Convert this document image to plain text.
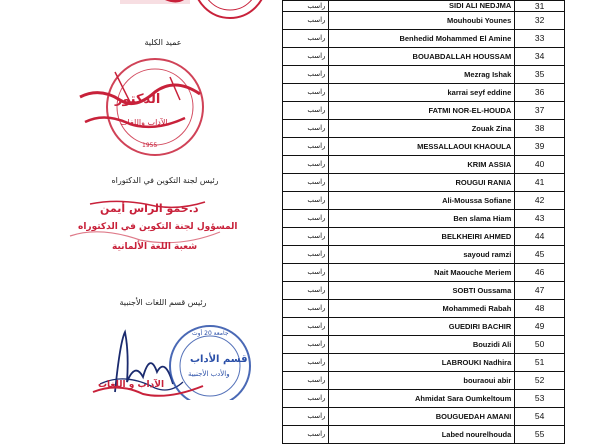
عميد الكلية
الدكتور
الآداب واللغات
1955
رئيس لجنة التكوين في الدكتوراه
د.حمو الراس أيمن
المسؤول لجنة التكوين في الدكتوراه
شعبة اللغة الألمانية
رئيس قسم اللغات الأجنبية
جامعة 20 أوت
قسم الأداب
والأدب الأجنبية
الآداب و اللغات
راسب	SIDI ALI NEDJMA	31
راسب	Mouhoubi Younes	32
راسب	Benhedid Mohammed El Amine	33
راسب	BOUABDALLAH HOUSSAM	34
راسب	Mezrag Ishak	35
راسب	karrai seyf eddine	36
راسب	FATMI NOR-EL-HOUDA	37
راسب	Zouak Zina	38
راسب	MESSALLAOUI KHAOULA	39
راسب	KRIM ASSIA	40
راسب	ROUGUI RANIA	41
راسب	Ali-Moussa Sofiane	42
راسب	Ben slama Hiam	43
راسب	BELKHEIRI AHMED	44
راسب	sayoud ramzi	45
راسب	Nait Maouche Meriem	46
راسب	SOBTI Oussama	47
راسب	Mohammedi Rabah	48
راسب	GUEDIRI BACHIR	49
راسب	Bouzidi Ali	50
راسب	LABROUKI Nadhira	51
راسب	bouraoui abir	52
راسب	Ahmidat Sara Oumkeltoum	53
راسب	BOUGUEDAH AMANI	54
راسب	Labed nourelhouda	55
